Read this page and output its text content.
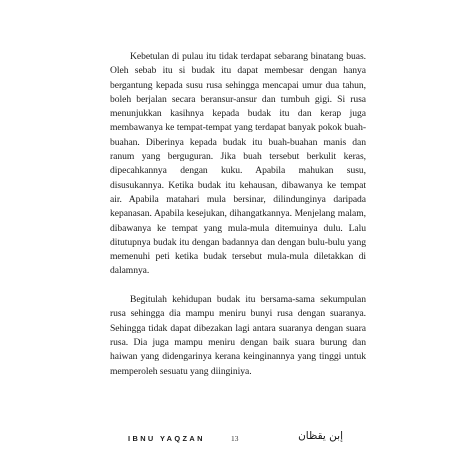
Kebetulan di pulau itu tidak terdapat sebarang binatang buas. Oleh sebab itu si budak itu dapat membesar dengan hanya bergantung kepada susu rusa sehingga mencapai umur dua tahun, boleh berjalan secara beransur-ansur dan tumbuh gigi. Si rusa menunjukkan kasihnya kepada budak itu dan kerap juga membawanya ke tempat-tempat yang terdapat banyak pokok buah-buahan. Diberinya kepada budak itu buah-buahan manis dan ranum yang berguguran. Jika buah tersebut berkulit keras, dipecahkannya dengan kuku. Apabila mahukan susu, disusukannya. Ketika budak itu kehausan, dibawanya ke tempat air. Apabila matahari mula bersinar, dilindunginya daripada kepanasan. Apabila kesejukan, dihangatkannya. Menjelang malam, dibawanya ke tempat yang mula-mula ditemuinya dulu. Lalu ditutupnya budak itu dengan badannya dan dengan bulu-bulu yang memenuhi peti ketika budak tersebut mula-mula diletakkan di dalamnya.

Begitulah kehidupan budak itu bersama-sama sekumpulan rusa sehingga dia mampu meniru bunyi rusa dengan suaranya. Sehingga tidak dapat dibezakan lagi antara suaranya dengan suara rusa. Dia juga mampu meniru dengan baik suara burung dan haiwan yang didengarinya kerana keinginannya yang tinggi untuk memperoleh sesuatu yang diinginiya.

IBNU YAQZAN	13	إبن يقظان
